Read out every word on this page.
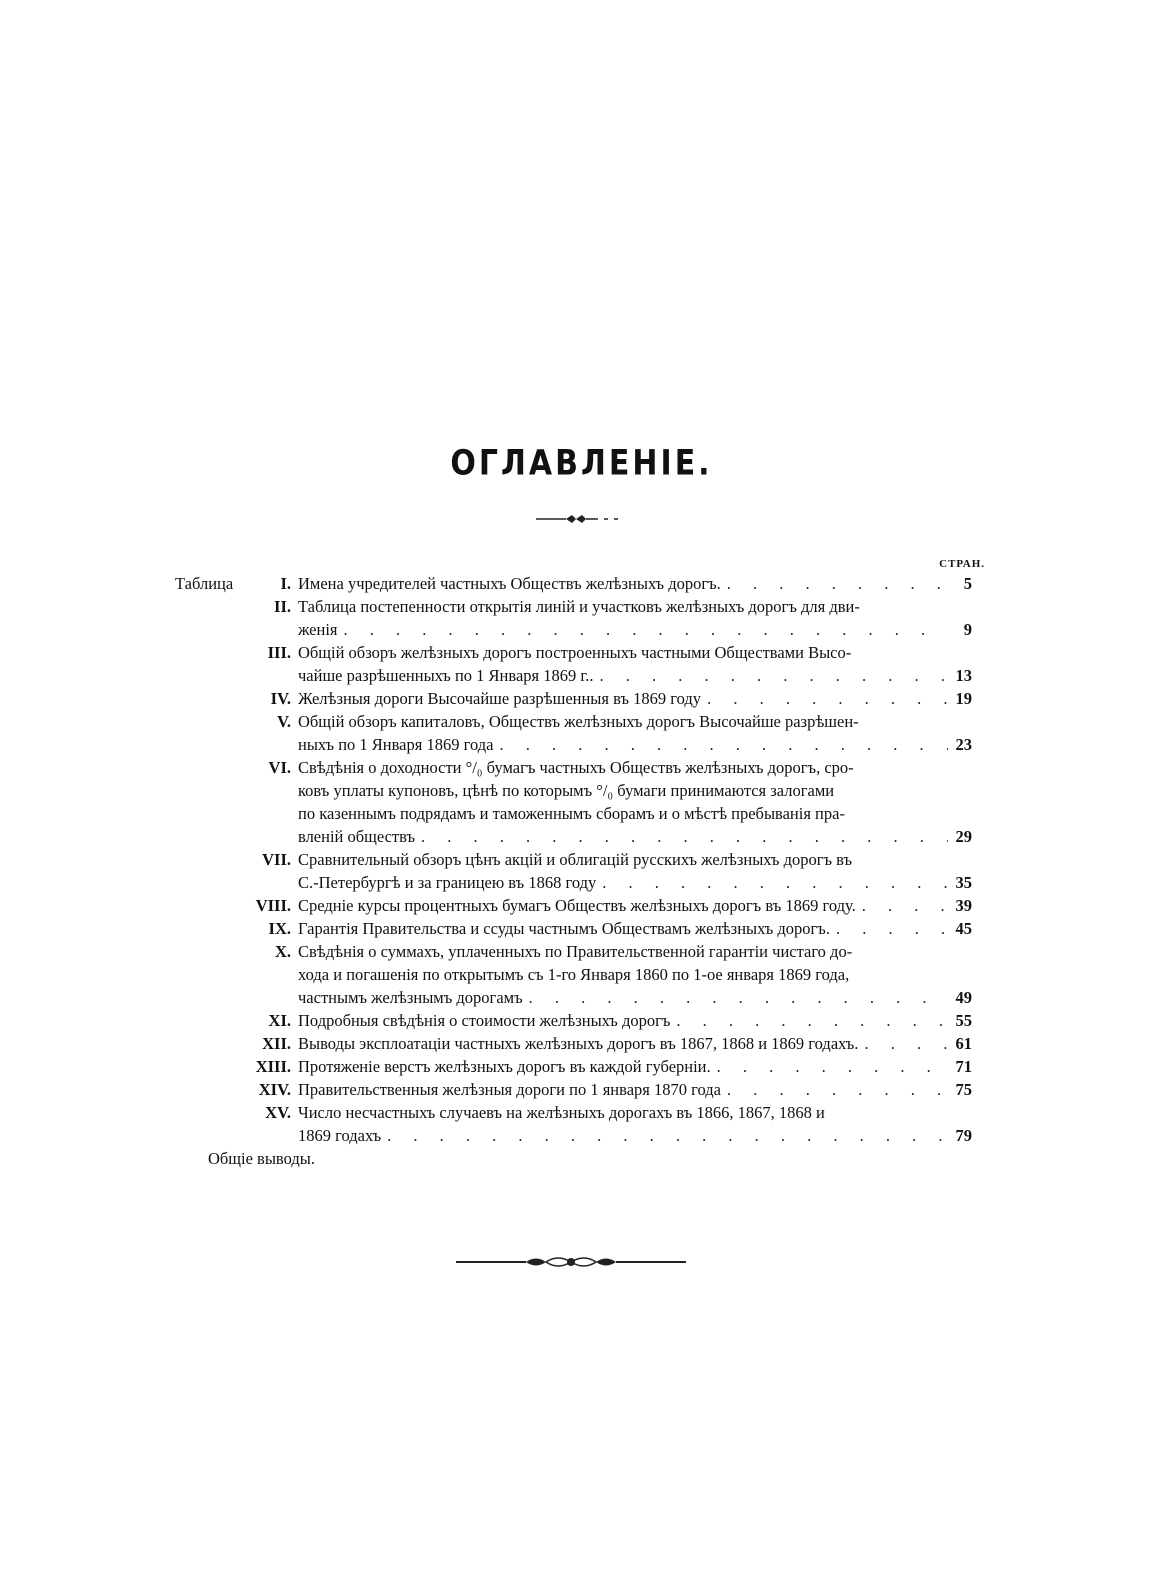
ОГЛАВЛЕНІЕ.
СТРАН.
Таблица	I. Имена учредителей частныхъ Обществъ желѣзныхъ дорогъ. . . .	5
II. Таблица постепенности открытія линій и участковъ желѣзныхъ дорогъ для дви-
женія . . .	9
III. Общій обзоръ желѣзныхъ дорогъ построенныхъ частными Обществами Высо-
чайше разрѣшенныхъ по 1 Января 1869 г.. . . .	13
IV. Желѣзныя дороги Высочайше разрѣшенныя въ 1869 году . . .	19
V. Общій обзоръ капиталовъ, Обществъ желѣзныхъ дорогъ Высочайше разрѣшен-
ныхъ по 1 Января 1869 года . . .	23
VI. Свѣдѣнія о доходности °/₀ бумагъ частныхъ Обществъ желѣзныхъ дорогъ, сро-
ковъ уплаты купоновъ, цѣнѣ по которымъ °/₀ бумаги принимаются залогами
по казеннымъ подрядамъ и таможеннымъ сборамъ и о мѣстѣ пребыванія пра-
вленій обществъ . . .	29
VII. Сравнительный обзоръ цѣнъ акцій и облигацій русскихъ желѣзныхъ дорогъ въ
С.-Петербургѣ и за границею въ 1868 году . . .	35
VIII. Средніе курсы процентныхъ бумагъ Обществъ желѣзныхъ дорогъ въ 1869 году. . . .	39
IX. Гарантія Правительства и ссуды частнымъ Обществамъ желѣзныхъ дорогъ. . . .	45
X. Свѣдѣнія о суммахъ, уплаченныхъ по Правительственной гарантіи чистаго до-
хода и погашенія по открытымъ съ 1-го Января 1860 по 1-ое января 1869 года,
частнымъ желѣзнымъ дорогамъ . . .	49
XI. Подробныя свѣдѣнія о стоимости желѣзныхъ дорогъ . . .	55
XII. Выводы эксплоатаціи частныхъ желѣзныхъ дорогъ въ 1867, 1868 и 1869 годахъ. . . .	61
XIII. Протяженіе верстъ желѣзныхъ дорогъ въ каждой губерніи. . . .	71
XIV. Правительственныя желѣзныя дороги по 1 января 1870 года . . .	75
XV. Число несчастныхъ случаевъ на желѣзныхъ дорогахъ въ 1866, 1867, 1868 и
1869 годахъ . . .	79
Общіе выводы.
